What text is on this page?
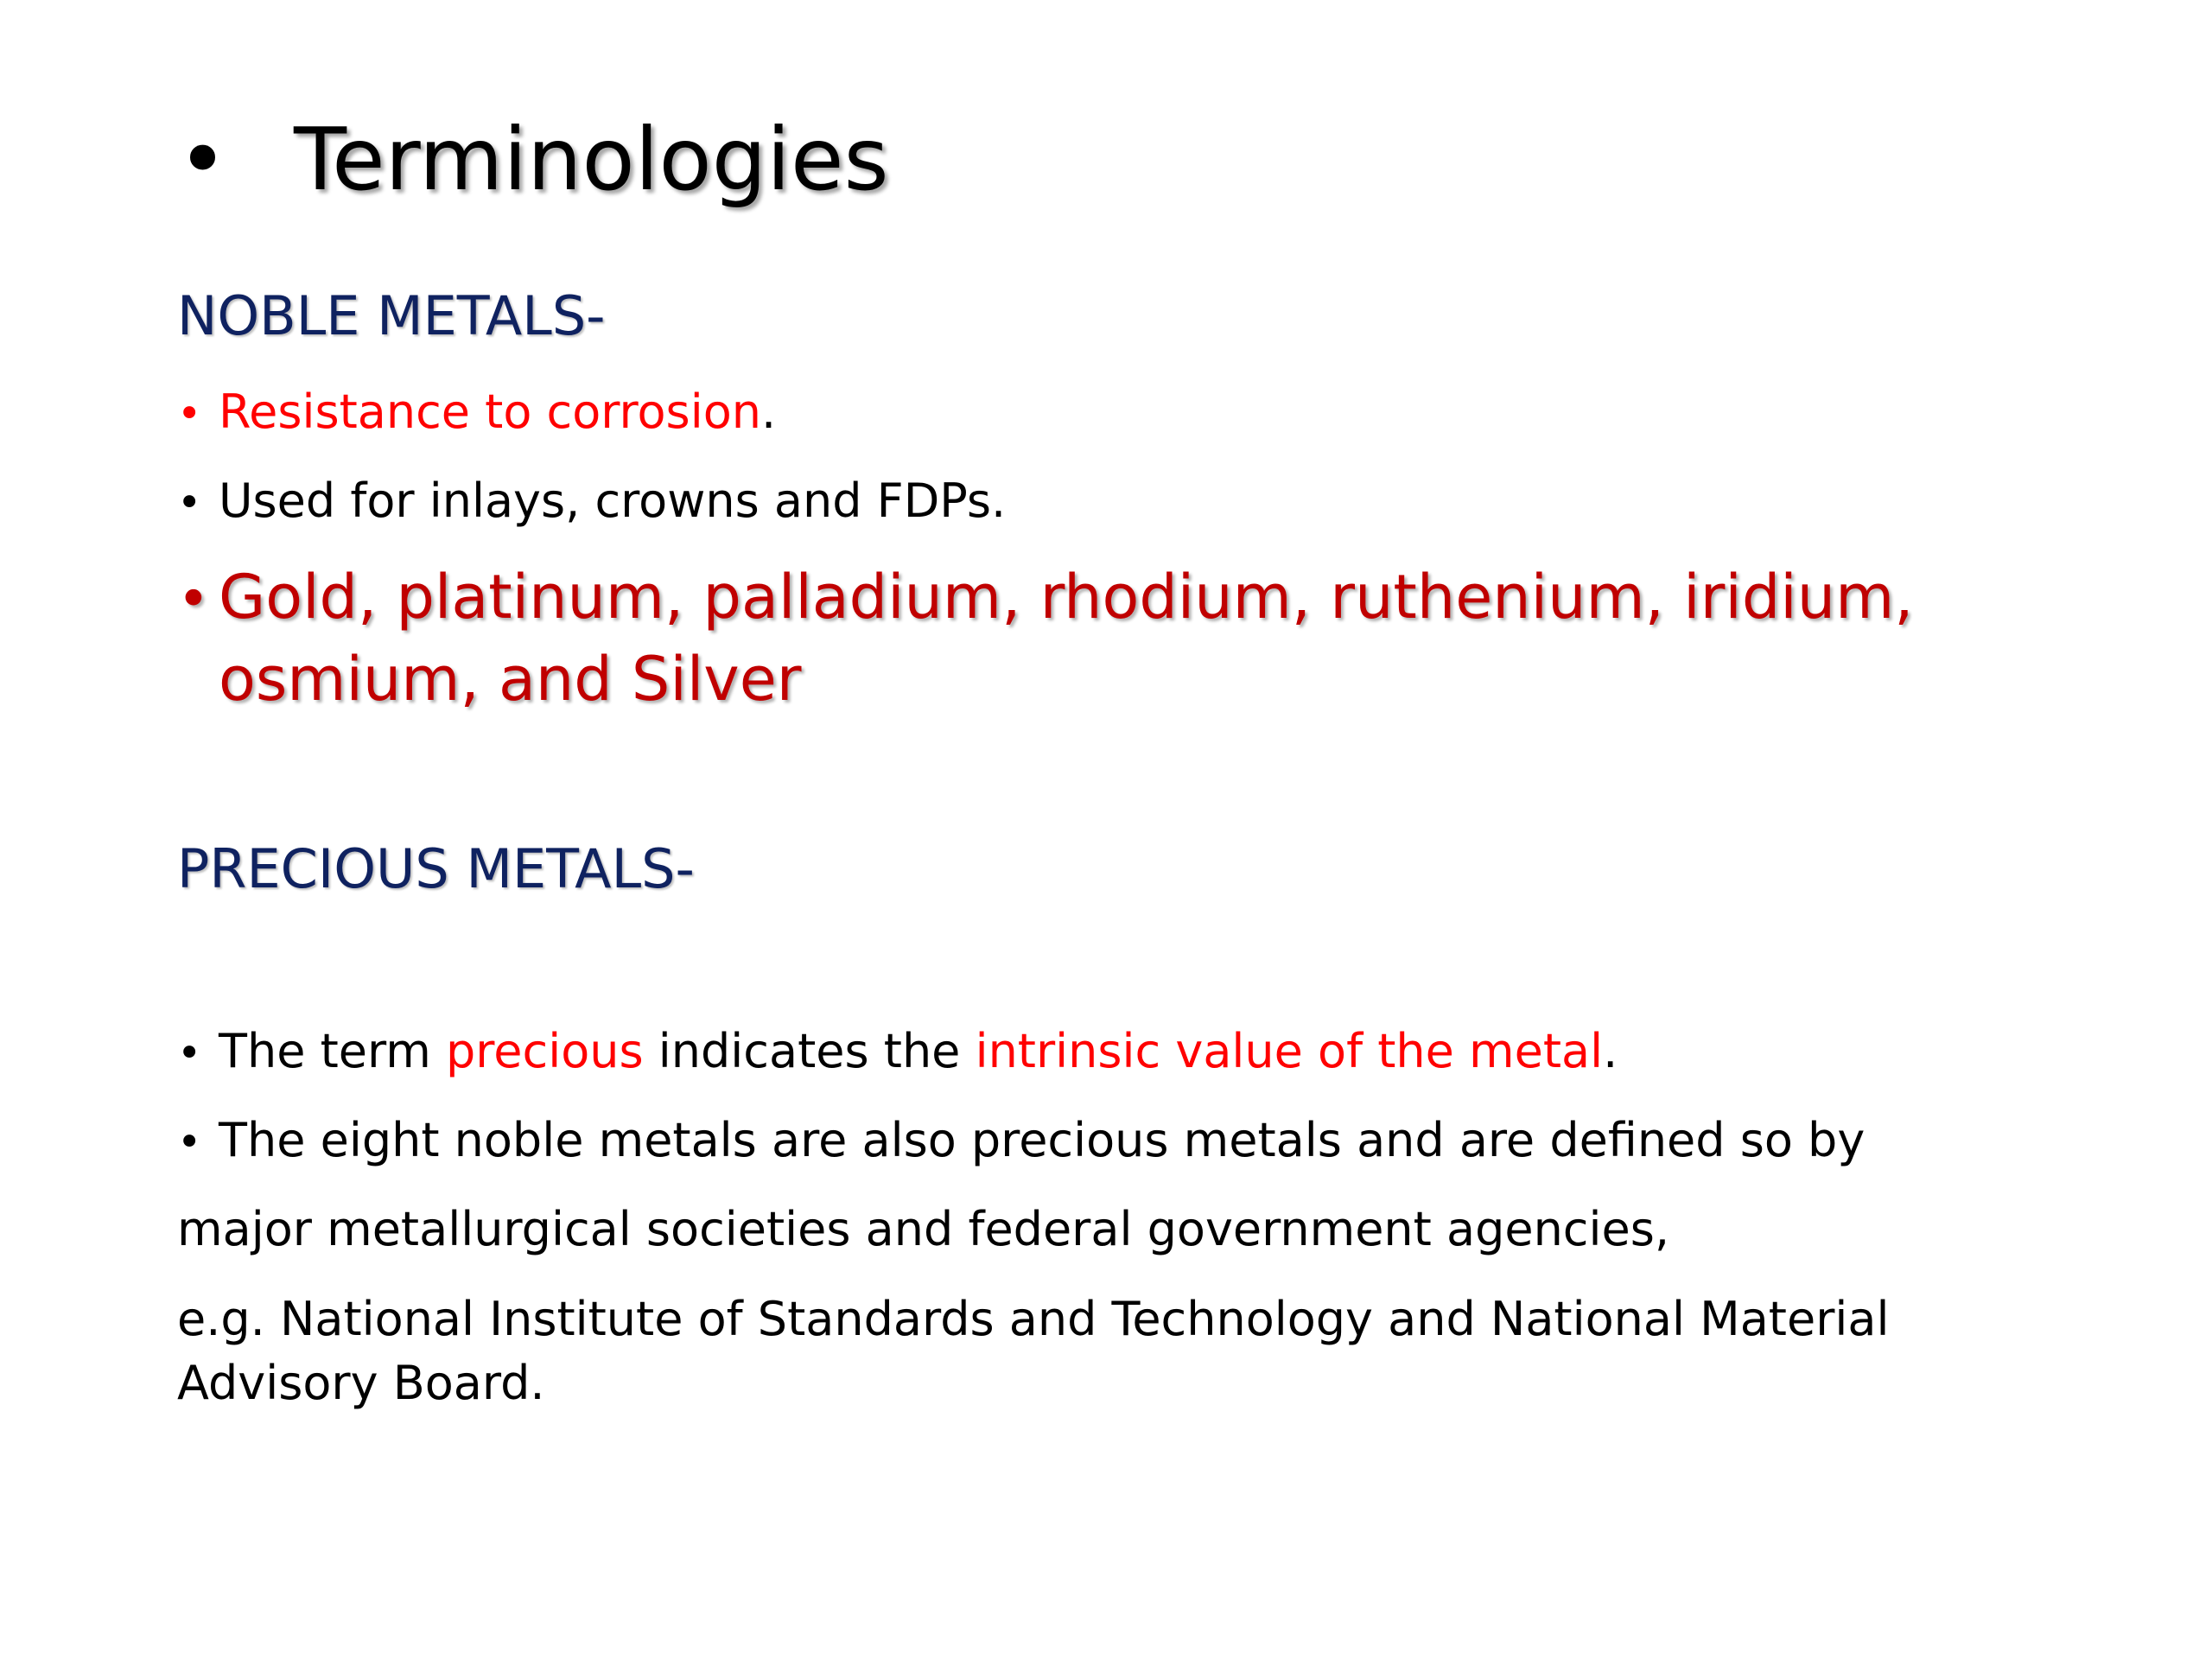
• Terminologies
NOBLE METALS-
• Resistance to corrosion.
• Used for inlays, crowns and FDPs.
• Gold, platinum, palladium, rhodium, ruthenium, iridium,
osmium, and Silver
PRECIOUS METALS-
• The term precious indicates the intrinsic value of the metal.
• The eight noble metals are also precious metals and are defined so by
major metallurgical societies and federal government agencies,
e.g. National Institute of Standards and Technology and National Material
Advisory Board.
